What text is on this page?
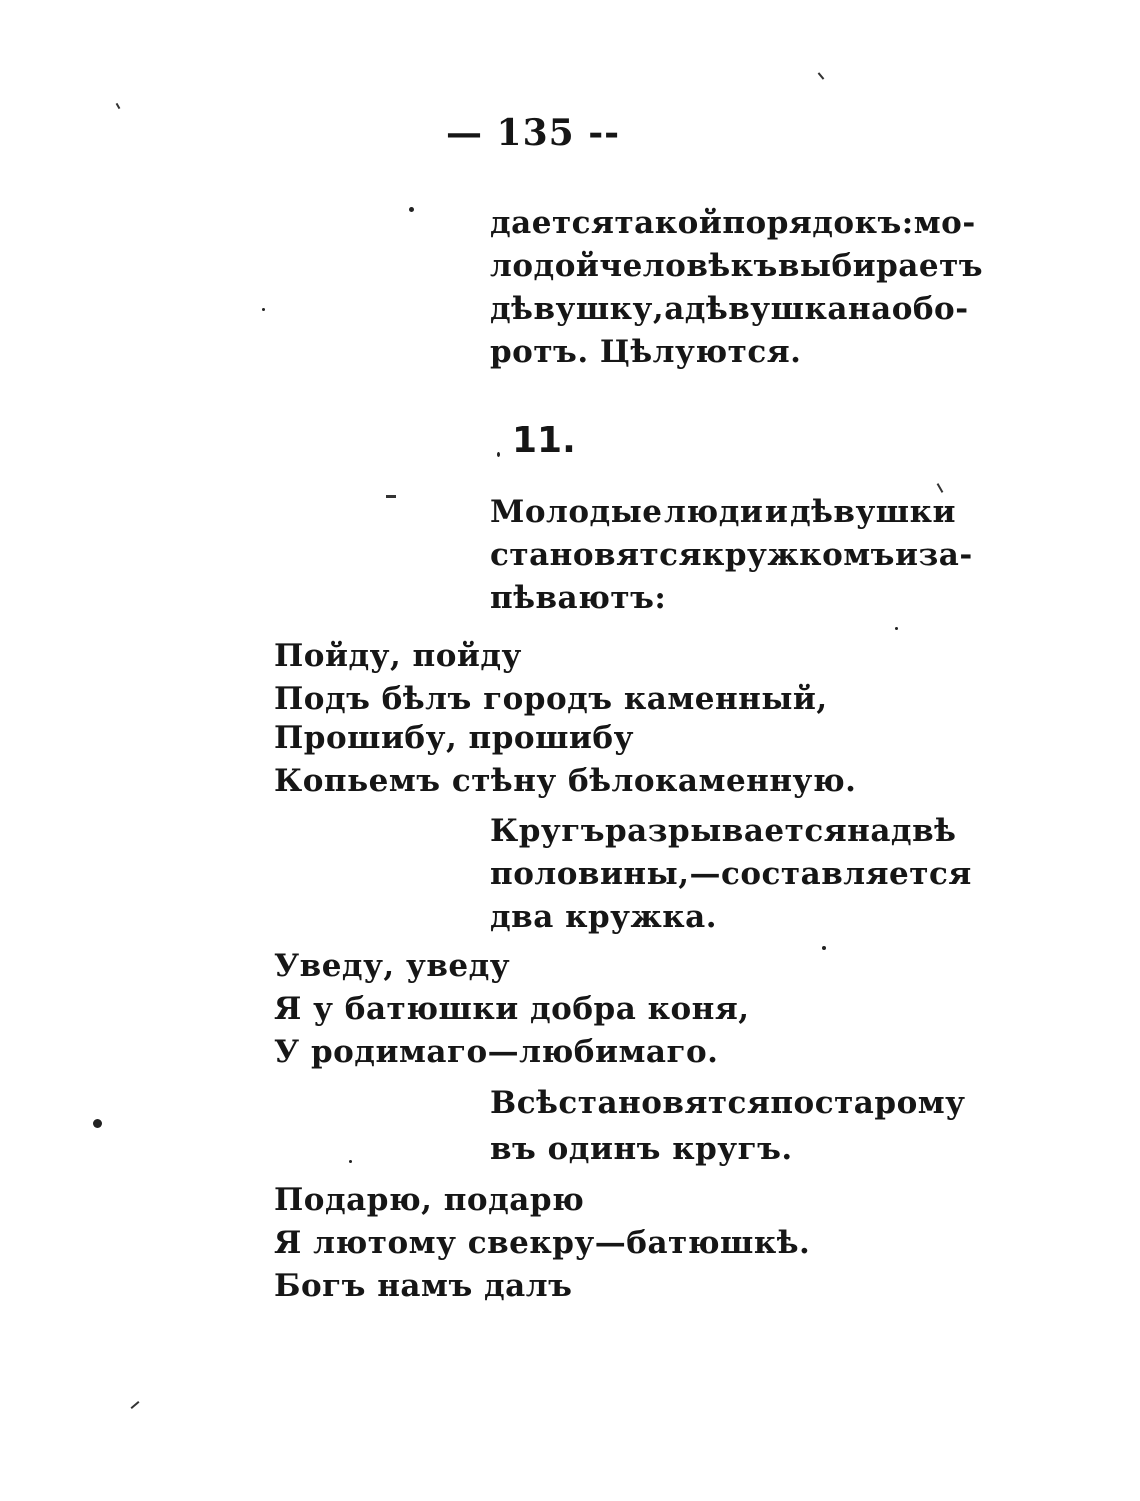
— 135 --
дается такой порядокъ: мо-
лодой человѣкъ выбираетъ
дѣвушку, а дѣвушка наобо-
ротъ. Цѣлуются.
11.
Молодые люди и дѣвушки
становятся кружкомъ и за-
пѣваютъ:
Пойду, пойду
Подъ бѣлъ городъ каменный,
Прошибу, прошибу
Копьемъ стѣну бѣлокаменную.
Кругъ разрывается на двѣ
половины, — составляется
два кружка.
Уведу, уведу
Я у батюшки добра коня,
У родимаго—любимаго.
Всѣ становятся по старому
въ одинъ кругъ.
Подарю, подарю
Я лютому свекру—батюшкѣ.
Богъ намъ далъ
